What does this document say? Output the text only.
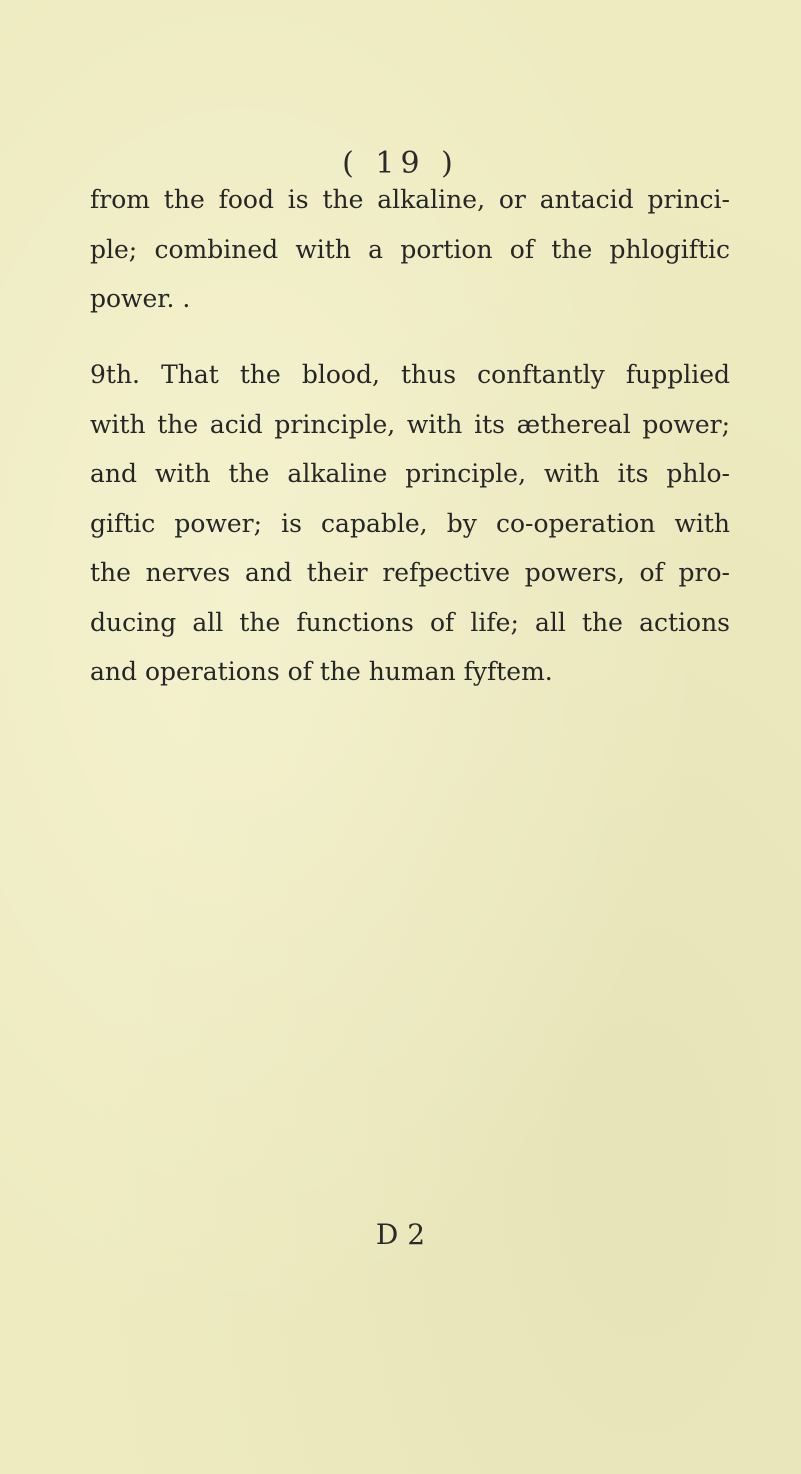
( 19 )
from the food is the alkaline, or antacid princi-
ple; combined with a portion of the phlogiftic
power. .
9th. That the blood, thus conftantly fupplied
with the acid principle, with its æthereal power;
and with the alkaline principle, with its phlo-
giftic power; is capable, by co-operation with
the nerves and their refpective powers, of pro-
ducing all the functions of life; all the actions
and operations of the human fyftem.
D 2
